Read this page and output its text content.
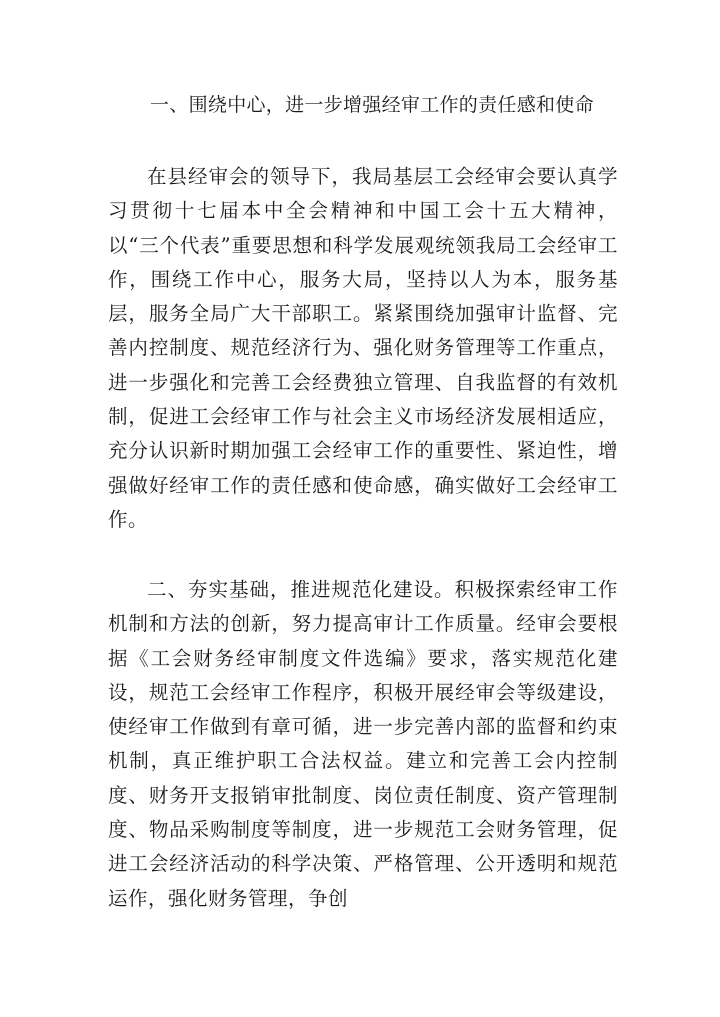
一、围绕中心，进一步增强经审工作的责任感和使命

在县经审会的领导下，我局基层工会经审会要认真学习贯彻十七届本中全会精神和中国工会十五大精神，以“三个代表”重要思想和科学发展观统领我局工会经审工作，围绕工作中心，服务大局，坚持以人为本，服务基层，服务全局广大干部职工。紧紧围绕加强审计监督、完善内控制度、规范经济行为、强化财务管理等工作重点，进一步强化和完善工会经费独立管理、自我监督的有效机制，促进工会经审工作与社会主义市场经济发展相适应，充分认识新时期加强工会经审工作的重要性、紧迫性，增强做好经审工作的责任感和使命感，确实做好工会经审工作。

二、夯实基础，推进规范化建设。积极探索经审工作机制和方法的创新，努力提高审计工作质量。经审会要根据《工会财务经审制度文件选编》要求，落实规范化建设，规范工会经审工作程序，积极开展经审会等级建设，使经审工作做到有章可循，进一步完善内部的监督和约束机制，真正维护职工合法权益。建立和完善工会内控制度、财务开支报销审批制度、岗位责任制度、资产管理制度、物品采购制度等制度，进一步规范工会财务管理，促进工会经济活动的科学决策、严格管理、公开透明和规范运作，强化财务管理，争创
